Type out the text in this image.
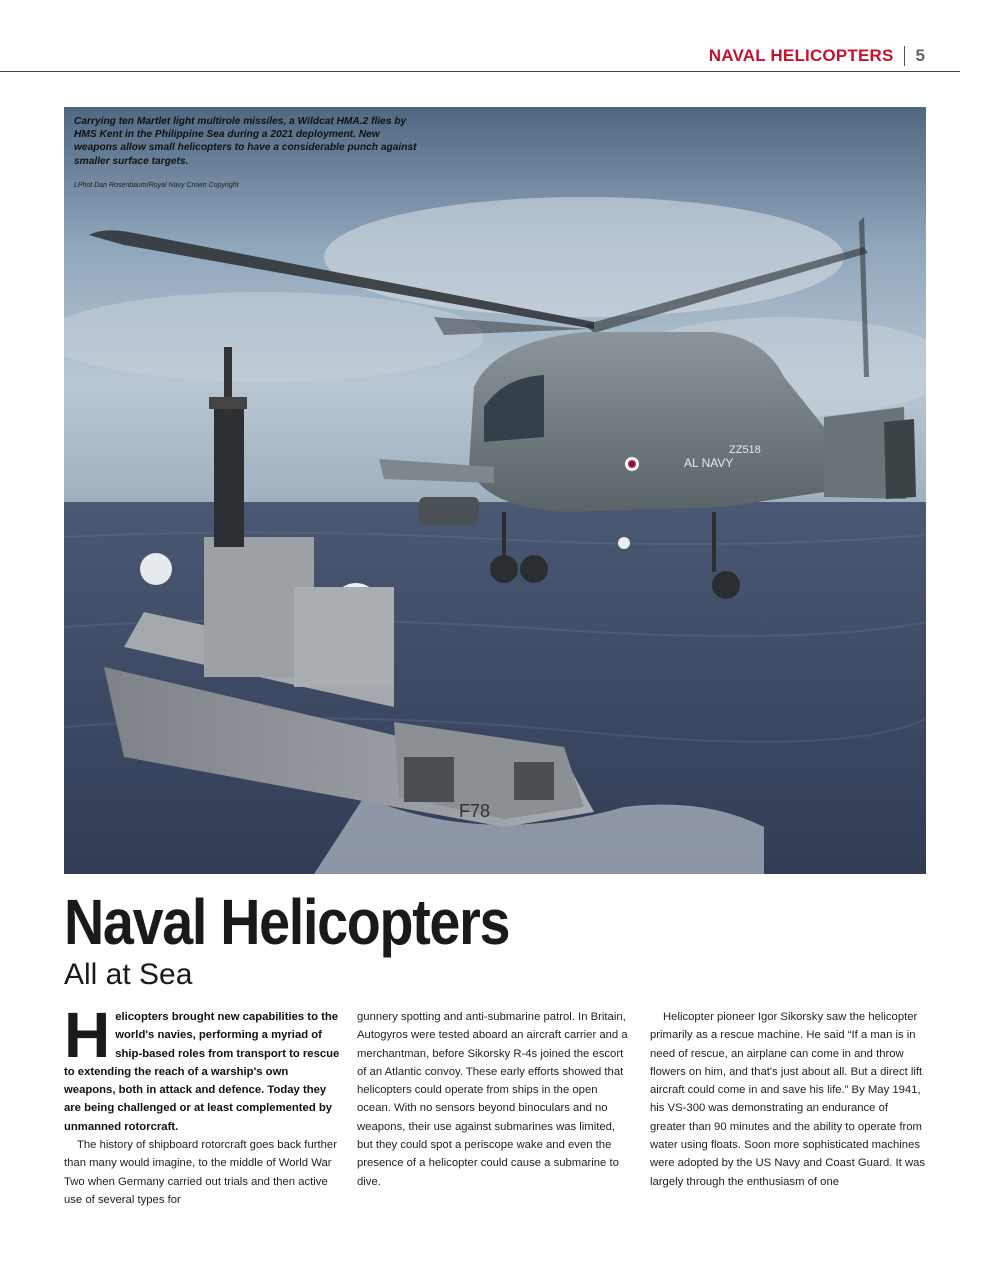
NAVAL HELICOPTERS 5
F78
AL NAVY
ZZ518
Carrying ten Martlet light multirole missiles, a Wildcat HMA.2 flies by HMS Kent in the Philippine Sea during a 2021 deployment. New weapons allow small helicopters to have a considerable punch against smaller surface targets.
LPhot Dan Rosenbaum/Royal Navy Crown Copyright
Naval Helicopters
All at Sea

Helicopters brought new capabilities to the world's navies, performing a myriad of ship-based roles from transport to rescue to extending the reach of a warship's own weapons, both in attack and defence. Today they are being challenged or at least complemented by unmanned rotorcraft.

The history of shipboard rotorcraft goes back further than many would imagine, to the middle of World War Two when Germany carried out trials and then active use of several types for

gunnery spotting and anti-submarine patrol. In Britain, Autogyros were tested aboard an aircraft carrier and a merchantman, before Sikorsky R-4s joined the escort of an Atlantic convoy. These early efforts showed that helicopters could operate from ships in the open ocean. With no sensors beyond binoculars and no weapons, their use against submarines was limited, but they could spot a periscope wake and even the presence of a helicopter could cause a submarine to dive.

Helicopter pioneer Igor Sikorsky saw the helicopter primarily as a rescue machine. He said “If a man is in need of rescue, an airplane can come in and throw flowers on him, and that's just about all. But a direct lift aircraft could come in and save his life.” By May 1941, his VS-300 was demonstrating an endurance of greater than 90 minutes and the ability to operate from water using floats. Soon more sophisticated machines were adopted by the US Navy and Coast Guard. It was largely through the enthusiasm of one
